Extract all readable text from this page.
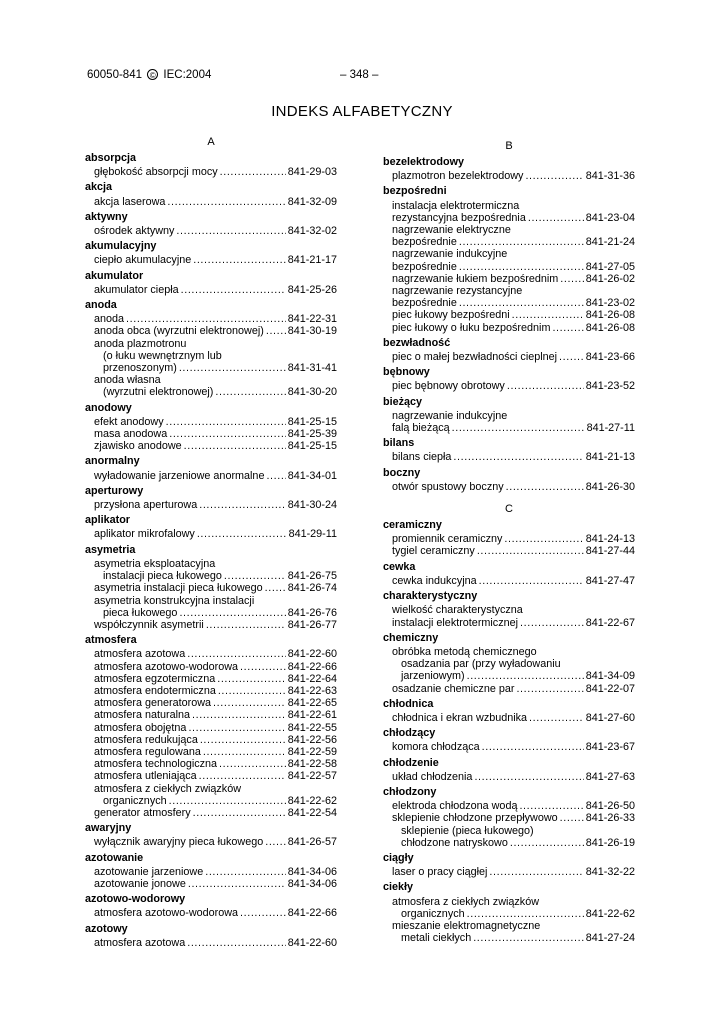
60050-841 © IEC:2004	– 348 –
INDEKS ALFABETYCZNY
A
absorpcja
głębokość absorpcji mocy .....	841-29-03
akcja
akcja laserowa .....	841-32-09
aktywny
ośrodek aktywny .....	841-32-02
akumulacyjny
ciepło akumulacyjne .....	841-21-17
akumulator
akumulator ciepła .....	841-25-26
anoda
anoda .....	841-22-31
anoda obca (wyrzutni elektronowej) ..... 841-30-19
anoda plazmotronu
(o łuku wewnętrznym lub
przenoszonym) .....	841-31-41
anoda własna
(wyrzutni elektronowej) .....	841-30-20
anodowy
efekt anodowy .....	841-25-15
masa anodowa .....	841-25-39
zjawisko anodowe .....	841-25-15
anormalny
wyładowanie jarzeniowe anormalne ..... 841-34-01
aperturowy
przysłona aperturowa .....	841-30-24
aplikator
aplikator mikrofalowy .....	841-29-11
asymetria
asymetria eksploatacyjna
instalacji pieca łukowego .....	841-26-75
asymetria instalacji pieca łukowego ..... 841-26-74
asymetria konstrukcyjna instalacji
pieca łukowego .....	841-26-76
współczynnik asymetrii .....	841-26-77
atmosfera
atmosfera azotowa .....	841-22-60
atmosfera azotowo-wodorowa .....	841-22-66
atmosfera egzotermiczna .....	841-22-64
atmosfera endotermiczna .....	841-22-63
atmosfera generatorowa .....	841-22-65
atmosfera naturalna .....	841-22-61
atmosfera obojętna .....	841-22-55
atmosfera redukująca .....	841-22-56
atmosfera regulowana .....	841-22-59
atmosfera technologiczna .....	841-22-58
atmosfera utleniająca .....	841-22-57
atmosfera z ciekłych związków
organicznych .....	841-22-62
generator atmosfery .....	841-22-54
awaryjny
wyłącznik awaryjny pieca łukowego ..... 841-26-57
azotowanie
azotowanie jarzeniowe .....	841-34-06
azotowanie jonowe .....	841-34-06
azotowo-wodorowy
atmosfera azotowo-wodorowa .....	841-22-66
azotowy
atmosfera azotowa .....	841-22-60
B
bezelektrodowy
plazmotron bezelektrodowy .....	841-31-36
bezpośredni
instalacja elektrotermiczna
rezystancyjna bezpośrednia .....	841-23-04
nagrzewanie elektryczne
bezpośrednie .....	841-21-24
nagrzewanie indukcyjne
bezpośrednie .....	841-27-05
nagrzewanie łukiem bezpośrednim .....	841-26-02
nagrzewanie rezystancyjne
bezpośrednie .....	841-23-02
piec łukowy bezpośredni .....	841-26-08
piec łukowy o łuku bezpośrednim .....	841-26-08
bezwładność
piec o małej bezwładności cieplnej .....	841-23-66
bębnowy
piec bębnowy obrotowy .....	841-23-52
bieżący
nagrzewanie indukcyjne
falą bieżącą .....	841-27-11
bilans
bilans ciepła .....	841-21-13
boczny
otwór spustowy boczny .....	841-26-30
C
ceramiczny
promiennik ceramiczny .....	841-24-13
tygiel ceramiczny .....	841-27-44
cewka
cewka indukcyjna .....	841-27-47
charakterystyczny
wielkość charakterystyczna
instalacji elektrotermicznej .....	841-22-67
chemiczny
obróbka metodą chemicznego
osadzania par (przy wyładowaniu
jarzeniowym) .....	841-34-09
osadzanie chemiczne par .....	841-22-07
chłodnica
chłodnica i ekran wzbudnika .....	841-27-60
chłodzący
komora chłodząca .....	841-23-67
chłodzenie
układ chłodzenia .....	841-27-63
chłodzony
elektroda chłodzona wodą .....	841-26-50
sklepienie chłodzone przepływowo .....	841-26-33
sklepienie (pieca łukowego)
chłodzone natryskowo .....	841-26-19
ciągły
laser o pracy ciągłej .....	841-32-22
ciekły
atmosfera z ciekłych związków
organicznych .....	841-22-62
mieszanie elektromagnetyczne
metali ciekłych .....	841-27-24
